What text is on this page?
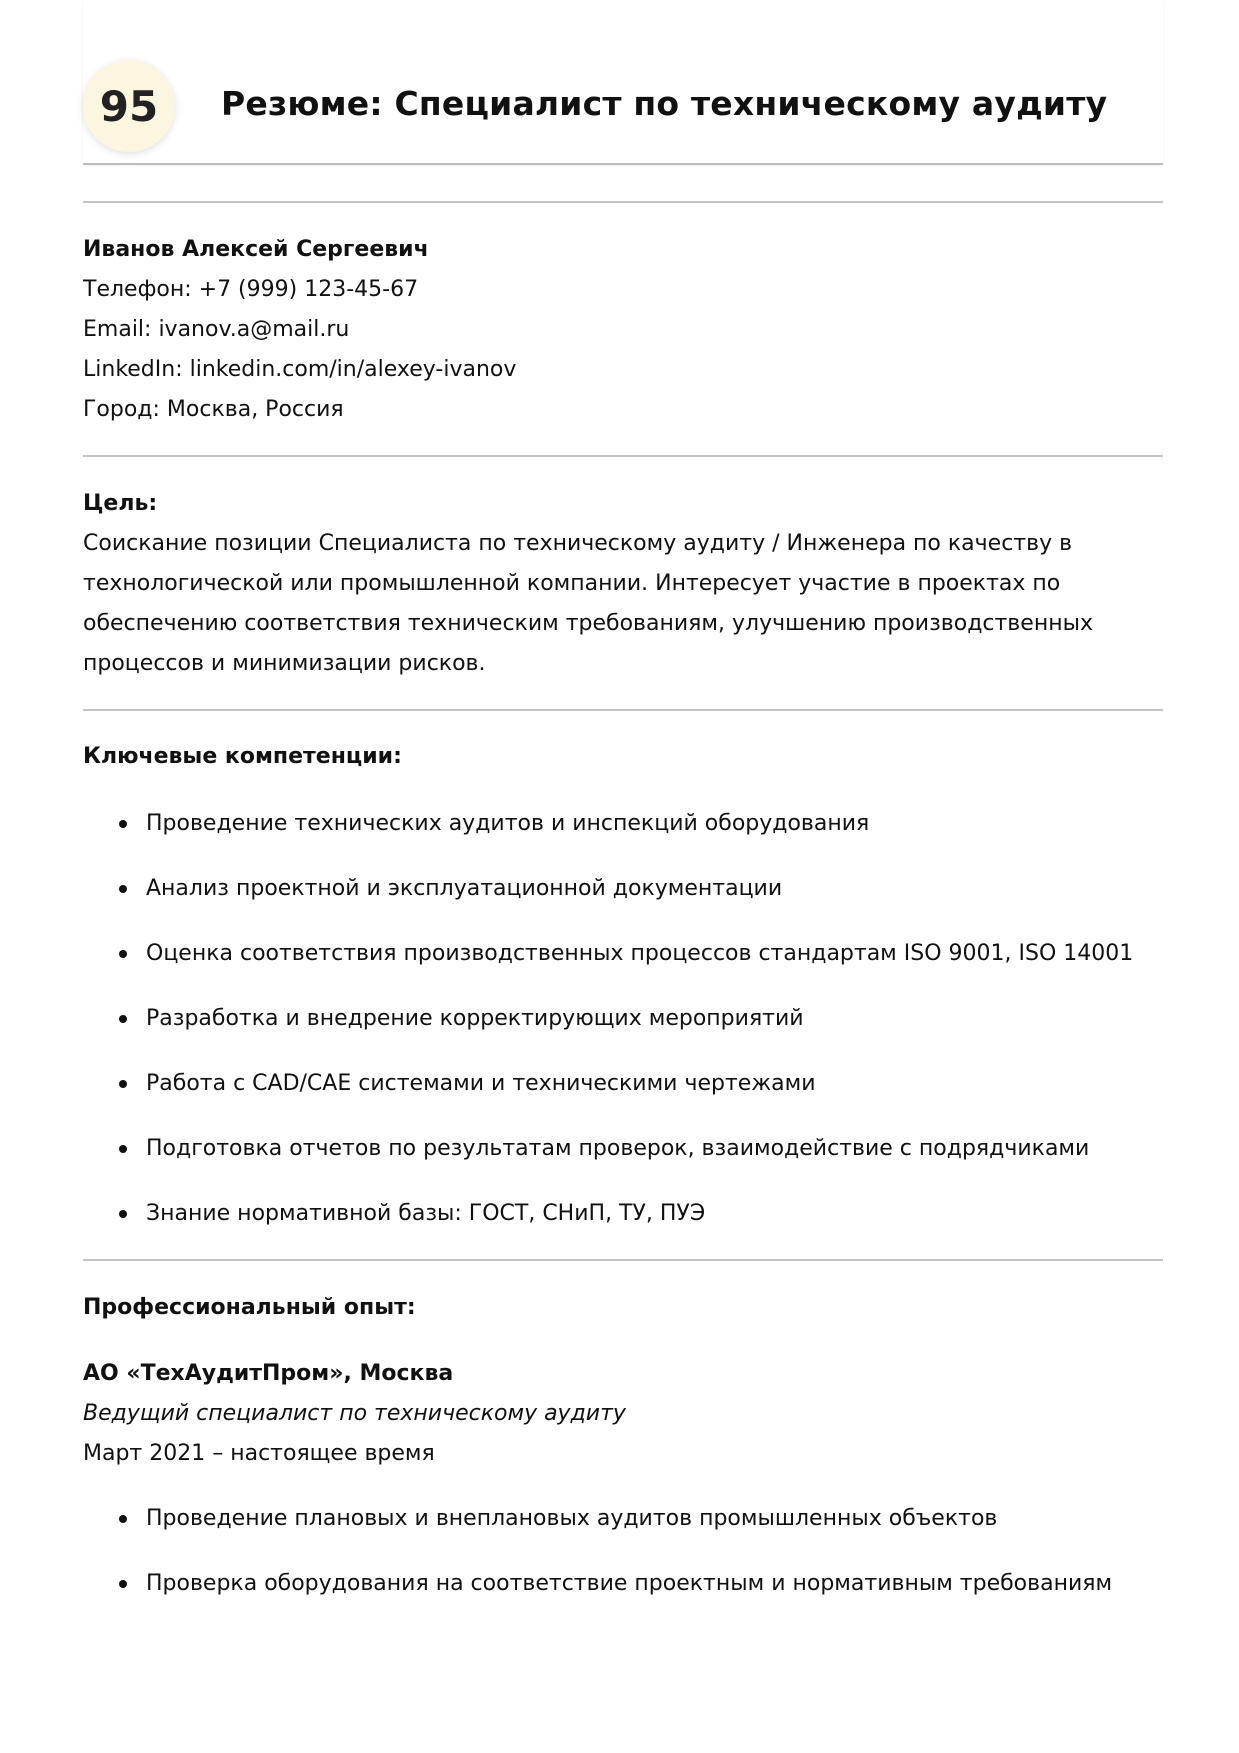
95	Резюме: Специалист по техническому аудиту
Иванов Алексей Сергеевич
Телефон: +7 (999) 123-45-67
Email: ivanov.a@mail.ru
LinkedIn: linkedin.com/in/alexey-ivanov
Город: Москва, Россия
Цель:
Соискание позиции Специалиста по техническому аудиту / Инженера по качеству в
технологической или промышленной компании. Интересует участие в проектах по
обеспечению соответствия техническим требованиям, улучшению производственных
процессов и минимизации рисков.
Ключевые компетенции:
Проведение технических аудитов и инспекций оборудования
Анализ проектной и эксплуатационной документации
Оценка соответствия производственных процессов стандартам ISO 9001, ISO 14001
Разработка и внедрение корректирующих мероприятий
Работа с CAD/CAE системами и техническими чертежами
Подготовка отчетов по результатам проверок, взаимодействие с подрядчиками
Знание нормативной базы: ГОСТ, СНиП, ТУ, ПУЭ
Профессиональный опыт:
АО «ТехАудитПром», Москва
Ведущий специалист по техническому аудиту
Март 2021 – настоящее время
Проведение плановых и внеплановых аудитов промышленных объектов
Проверка оборудования на соответствие проектным и нормативным требованиям
